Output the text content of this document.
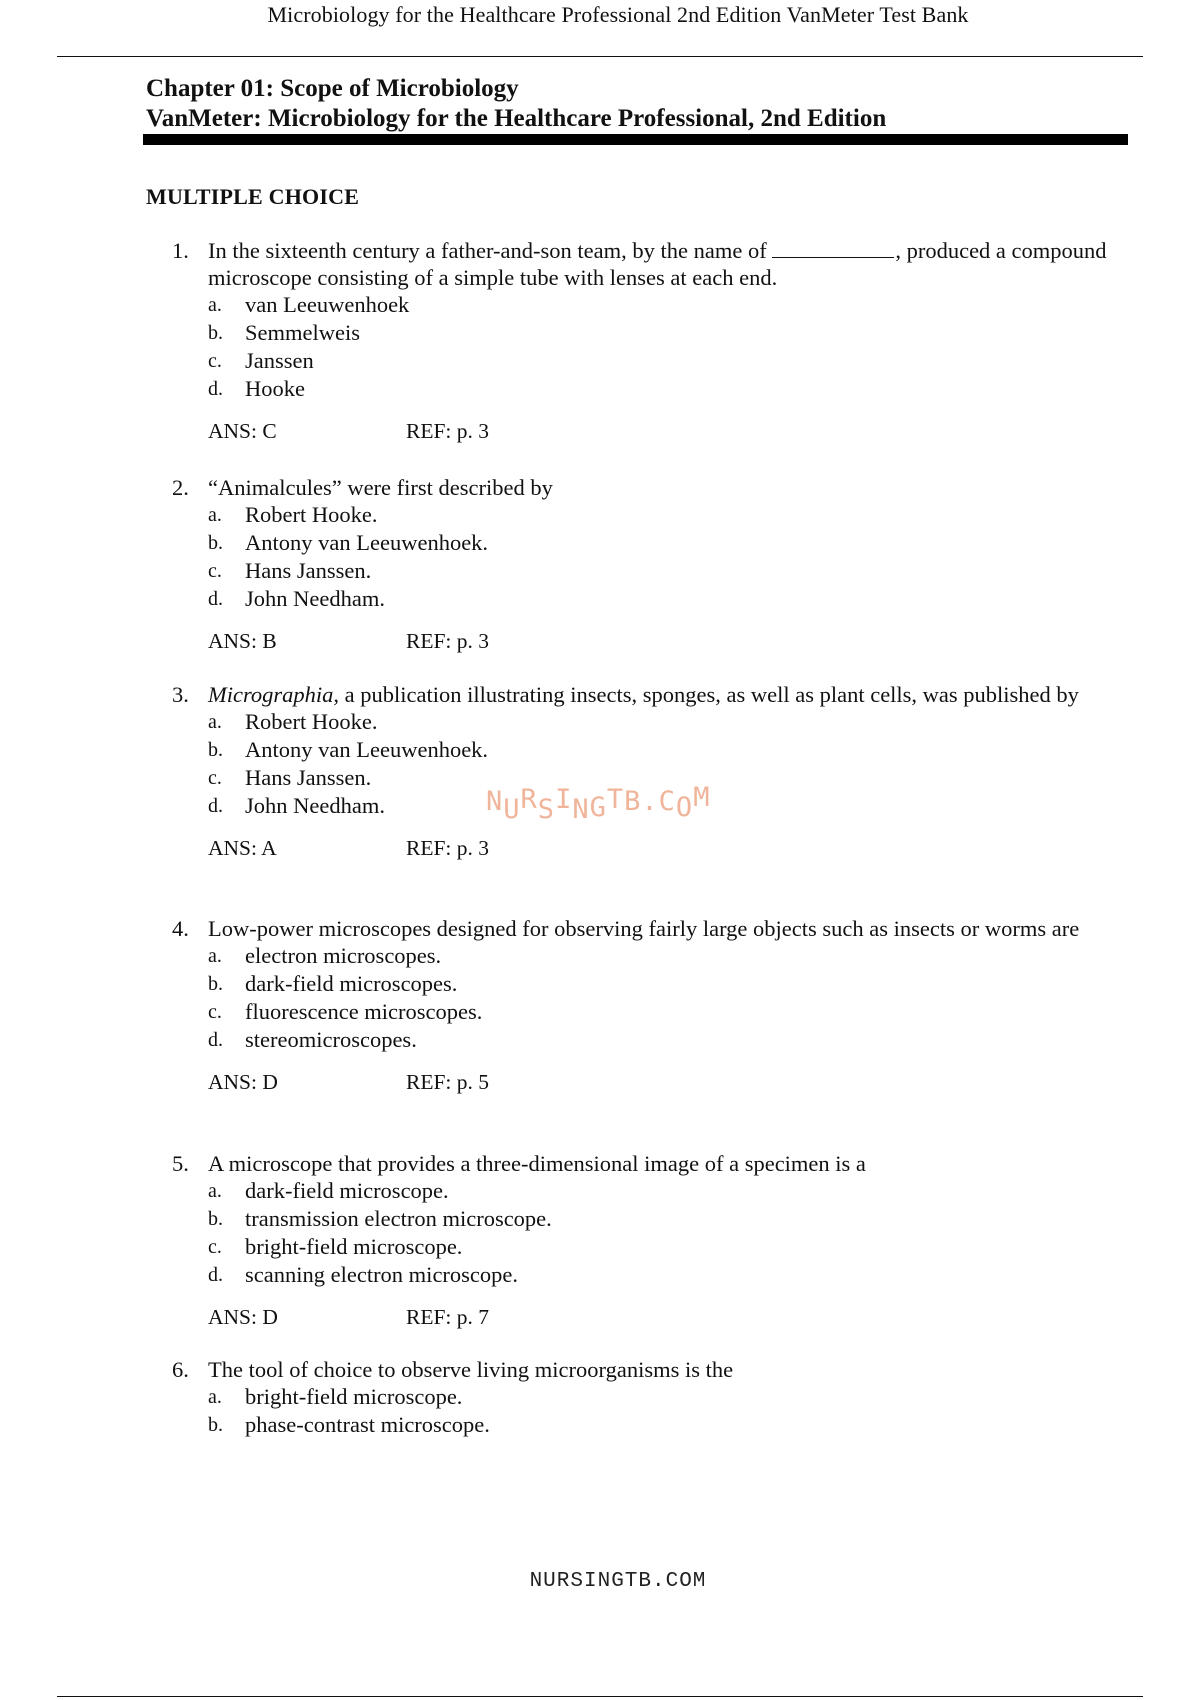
Microbiology for the Healthcare Professional 2nd Edition VanMeter Test Bank
Chapter 01: Scope of Microbiology
VanMeter: Microbiology for the Healthcare Professional, 2nd Edition
MULTIPLE CHOICE
1. In the sixteenth century a father-and-son team, by the name of	, produced a compound microscope consisting of a simple tube with lenses at each end.
a. van Leeuwenhoek
b. Semmelweis
c. Janssen
d. Hooke
ANS: C	REF: p. 3
2. “Animalcules” were first described by
a. Robert Hooke.
b. Antony van Leeuwenhoek.
c. Hans Janssen.
d. John Needham.
ANS: B	REF: p. 3
3. Micrographia, a publication illustrating insects, sponges, as well as plant cells, was published by
a. Robert Hooke.
b. Antony van Leeuwenhoek.
c. Hans Janssen.
d. John Needham.
ANS: A	REF: p. 3
4. Low-power microscopes designed for observing fairly large objects such as insects or worms are
a. electron microscopes.
b. dark-field microscopes.
c. fluorescence microscopes.
d. stereomicroscopes.
ANS: D	REF: p. 5
5. A microscope that provides a three-dimensional image of a specimen is a
a. dark-field microscope.
b. transmission electron microscope.
c. bright-field microscope.
d. scanning electron microscope.
ANS: D	REF: p. 7
6. The tool of choice to observe living microorganisms is the
a. bright-field microscope.
b. phase-contrast microscope.
NURSINGTB.COM
NURSINGTB.COM
